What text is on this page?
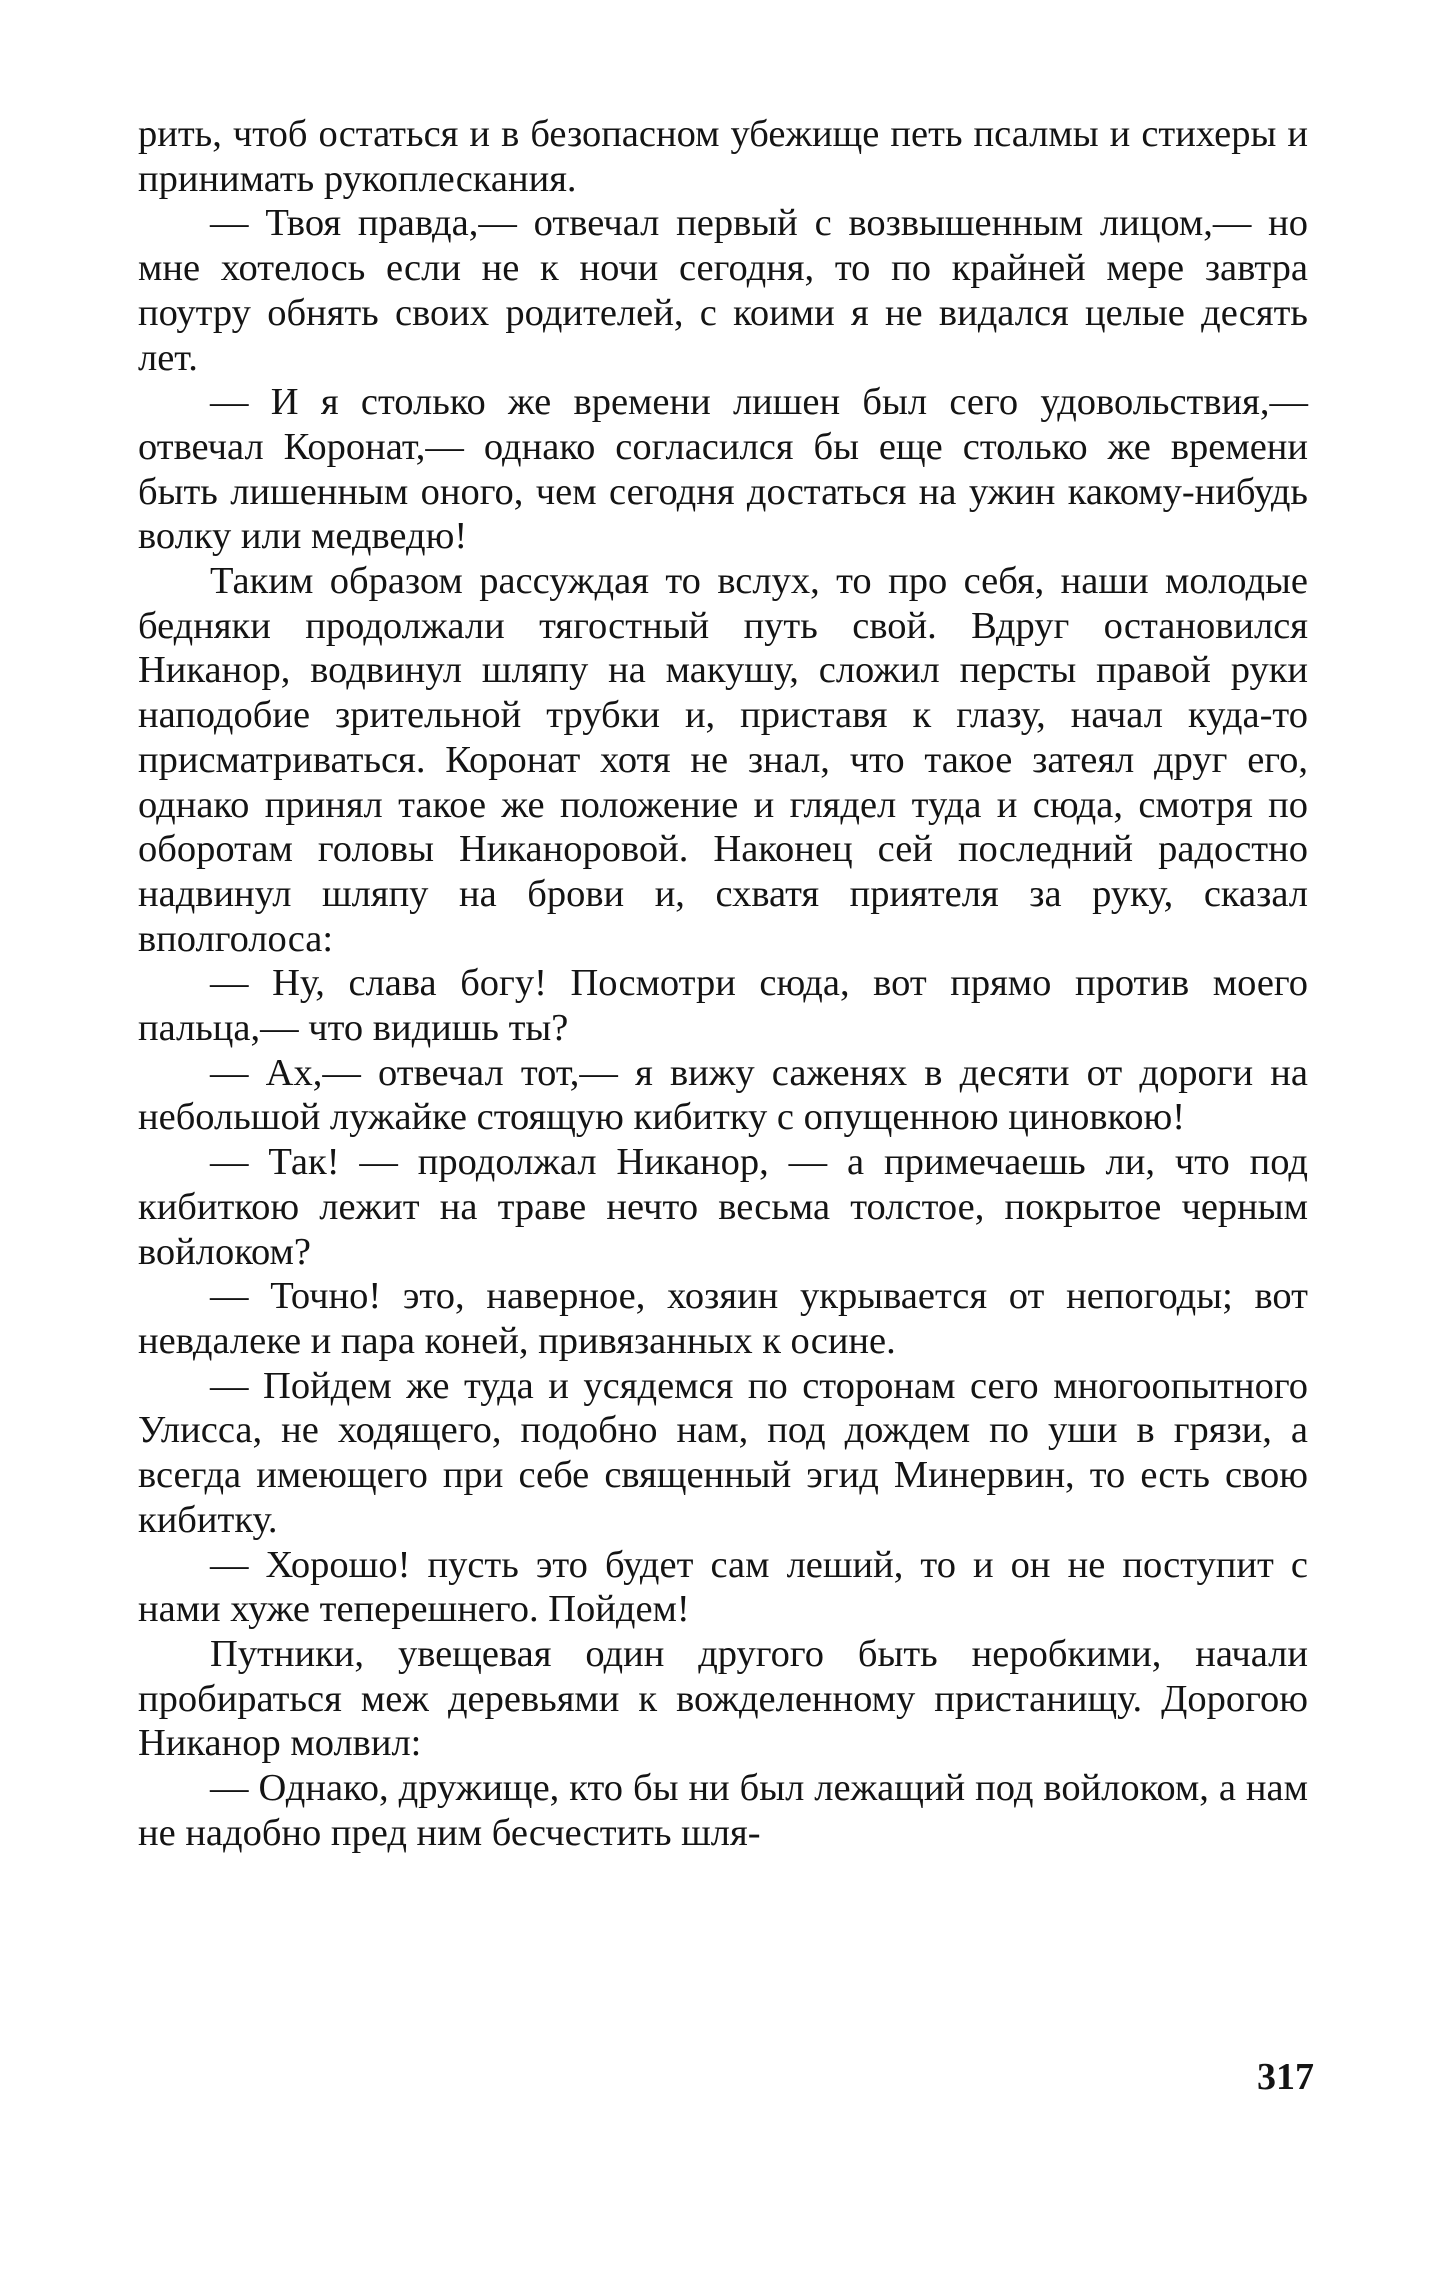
рить, чтоб остаться и в безопасном убежище петь псалмы и стихеры и принимать рукоплескания.

— Твоя правда,— отвечал первый с возвышенным лицом,— но мне хотелось если не к ночи сегодня, то по крайней мере завтра поутру обнять своих родителей, с коими я не видался целые десять лет.

— И я столько же времени лишен был сего удовольствия,— отвечал Коронат,— однако согласился бы еще столько же времени быть лишенным оного, чем сегодня достаться на ужин какому-нибудь волку или медведю!

Таким образом рассуждая то вслух, то про себя, наши молодые бедняки продолжали тягостный путь свой. Вдруг остановился Никанор, водвинул шляпу на макушу, сложил персты правой руки наподобие зрительной трубки и, приставя к глазу, начал куда-то присматриваться. Коронат хотя не знал, что такое затеял друг его, однако принял такое же положение и глядел туда и сюда, смотря по оборотам головы Никаноровой. Наконец сей последний радостно надвинул шляпу на брови и, схватя приятеля за руку, сказал вполголоса:

— Ну, слава богу! Посмотри сюда, вот прямо против моего пальца,— что видишь ты?

— Ах,— отвечал тот,— я вижу саженях в десяти от дороги на небольшой лужайке стоящую кибитку с опущенною циновкою!

— Так! — продолжал Никанор, — а примечаешь ли, что под кибиткою лежит на траве нечто весьма толстое, покрытое черным войлоком?

— Точно! это, наверное, хозяин укрывается от непогоды; вот невдалеке и пара коней, привязанных к осине.

— Пойдем же туда и усядемся по сторонам сего многоопытного Улисса, не ходящего, подобно нам, под дождем по уши в грязи, а всегда имеющего при себе священный эгид Минервин, то есть свою кибитку.

— Хорошо! пусть это будет сам леший, то и он не поступит с нами хуже теперешнего. Пойдем!

Путники, увещевая один другого быть неробкими, начали пробираться меж деревьями к вожделенному пристанищу. Дорогою Никанор молвил:

— Однако, дружище, кто бы ни был лежащий под войлоком, а нам не надобно пред ним бесчестить шля-

317
